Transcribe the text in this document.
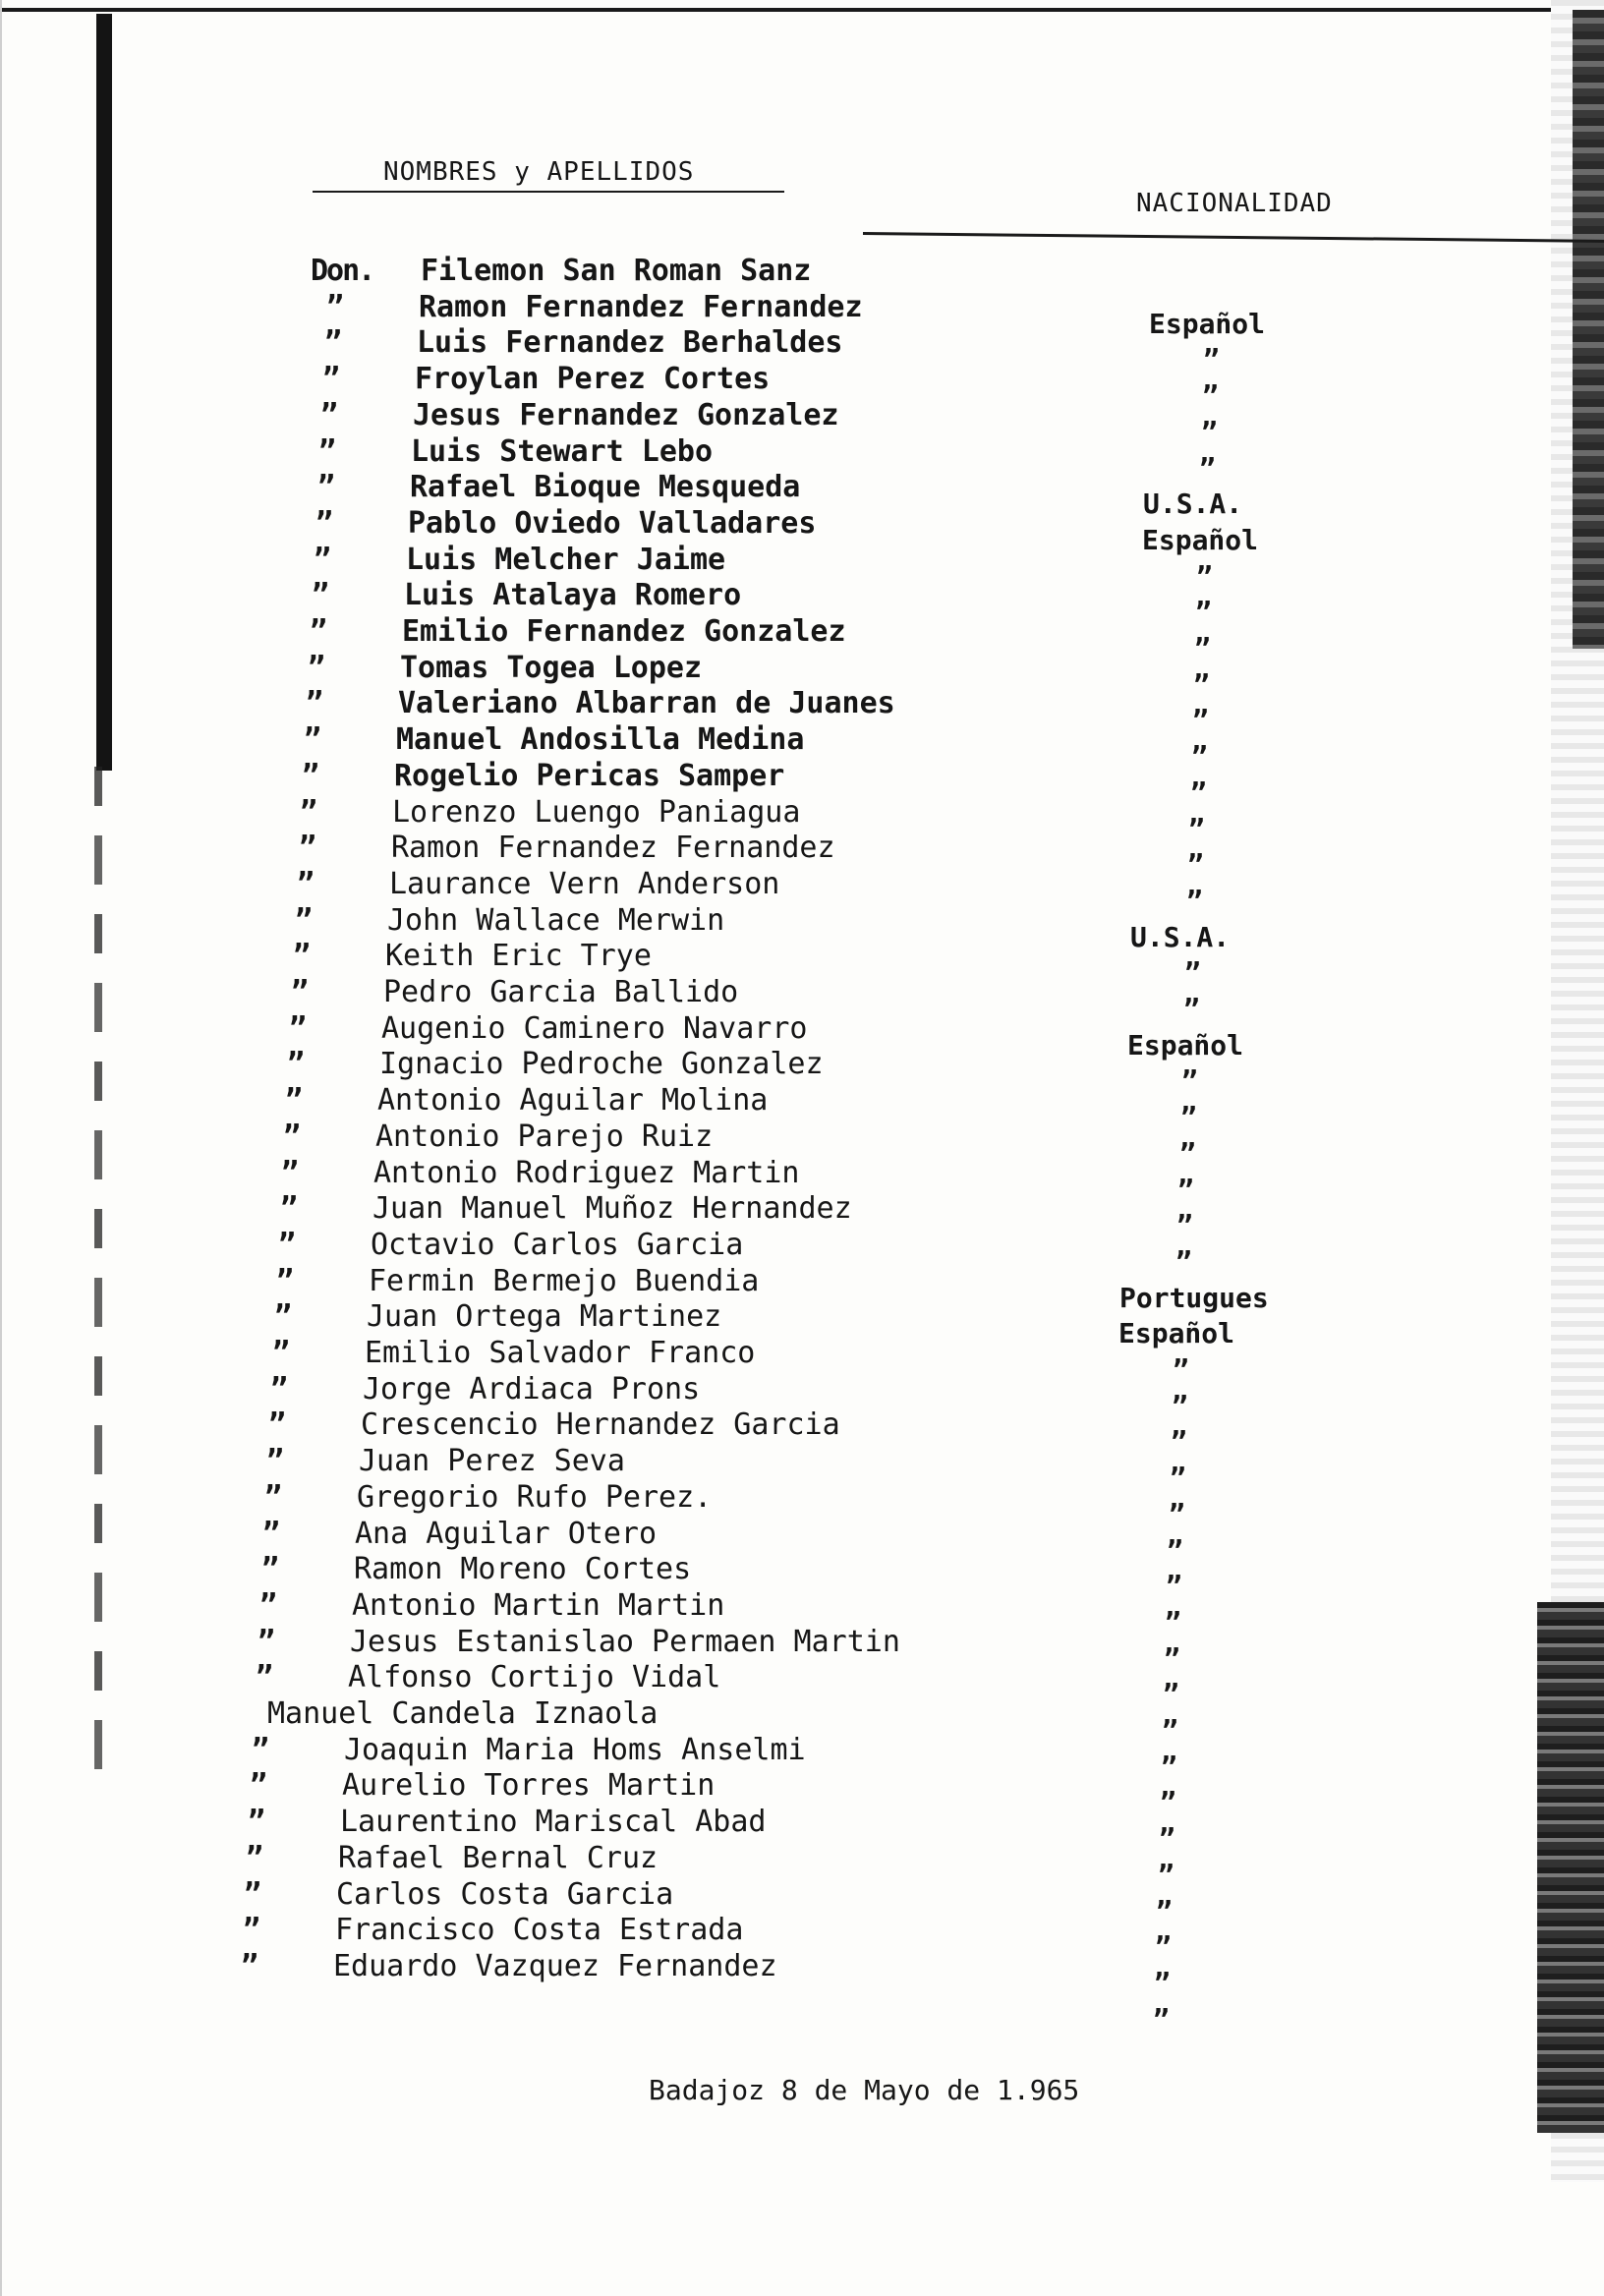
NOMBRES y APELLIDOS
NACIONALIDAD
Don. Filemon San Roman Sanz
”	Ramon Fernandez Fernandez	Español
”	Luis Fernandez Berhaldes	”
”	Froylan Perez Cortes	”
”	Jesus Fernandez Gonzalez	”
”	Luis Stewart Lebo	”
”	Rafael Bioque Mesqueda	U.S.A.
”	Pablo Oviedo Valladares	Español
”	Luis Melcher Jaime	”
”	Luis Atalaya Romero	”
”	Emilio Fernandez Gonzalez	”
”	Tomas Togea Lopez	”
”	Valeriano Albarran de Juanes	”
”	Manuel Andosilla Medina	”
”	Rogelio Pericas Samper	”
”	Lorenzo Luengo Paniagua	”
”	Ramon Fernandez Fernandez	”
”	Laurance Vern Anderson	”
”	John Wallace Merwin	U.S.A.
”	Keith Eric Trye	”
”	Pedro Garcia Ballido	”
”	Augenio Caminero Navarro	Español
”	Ignacio Pedroche Gonzalez	”
”	Antonio Aguilar Molina	”
”	Antonio Parejo Ruiz	”
”	Antonio Rodriguez Martin	”
”	Juan Manuel Muñoz Hernandez	”
”	Octavio Carlos Garcia	”
”	Fermin Bermejo Buendia	Portugues
”	Juan Ortega Martinez	Español
”	Emilio Salvador Franco	”
”	Jorge Ardiaca Prons	”
”	Crescencio Hernandez Garcia	”
”	Juan Perez Seva	”
”	Gregorio Rufo Perez.	”
”	Ana Aguilar Otero	”
”	Ramon Moreno Cortes	”
”	Antonio Martin Martin	”
”	Jesus Estanislao Permaen Martin	”
”	Alfonso Cortijo Vidal	”
Manuel Candela Iznaola	”
”	Joaquin Maria Homs Anselmi	”
”	Aurelio Torres Martin	”
”	Laurentino Mariscal Abad	”
”	Rafael Bernal Cruz	”
”	Carlos Costa Garcia	”
”	Francisco Costa Estrada	”
”	Eduardo Vazquez Fernandez	”
”
Badajoz 8 de Mayo de 1.965
